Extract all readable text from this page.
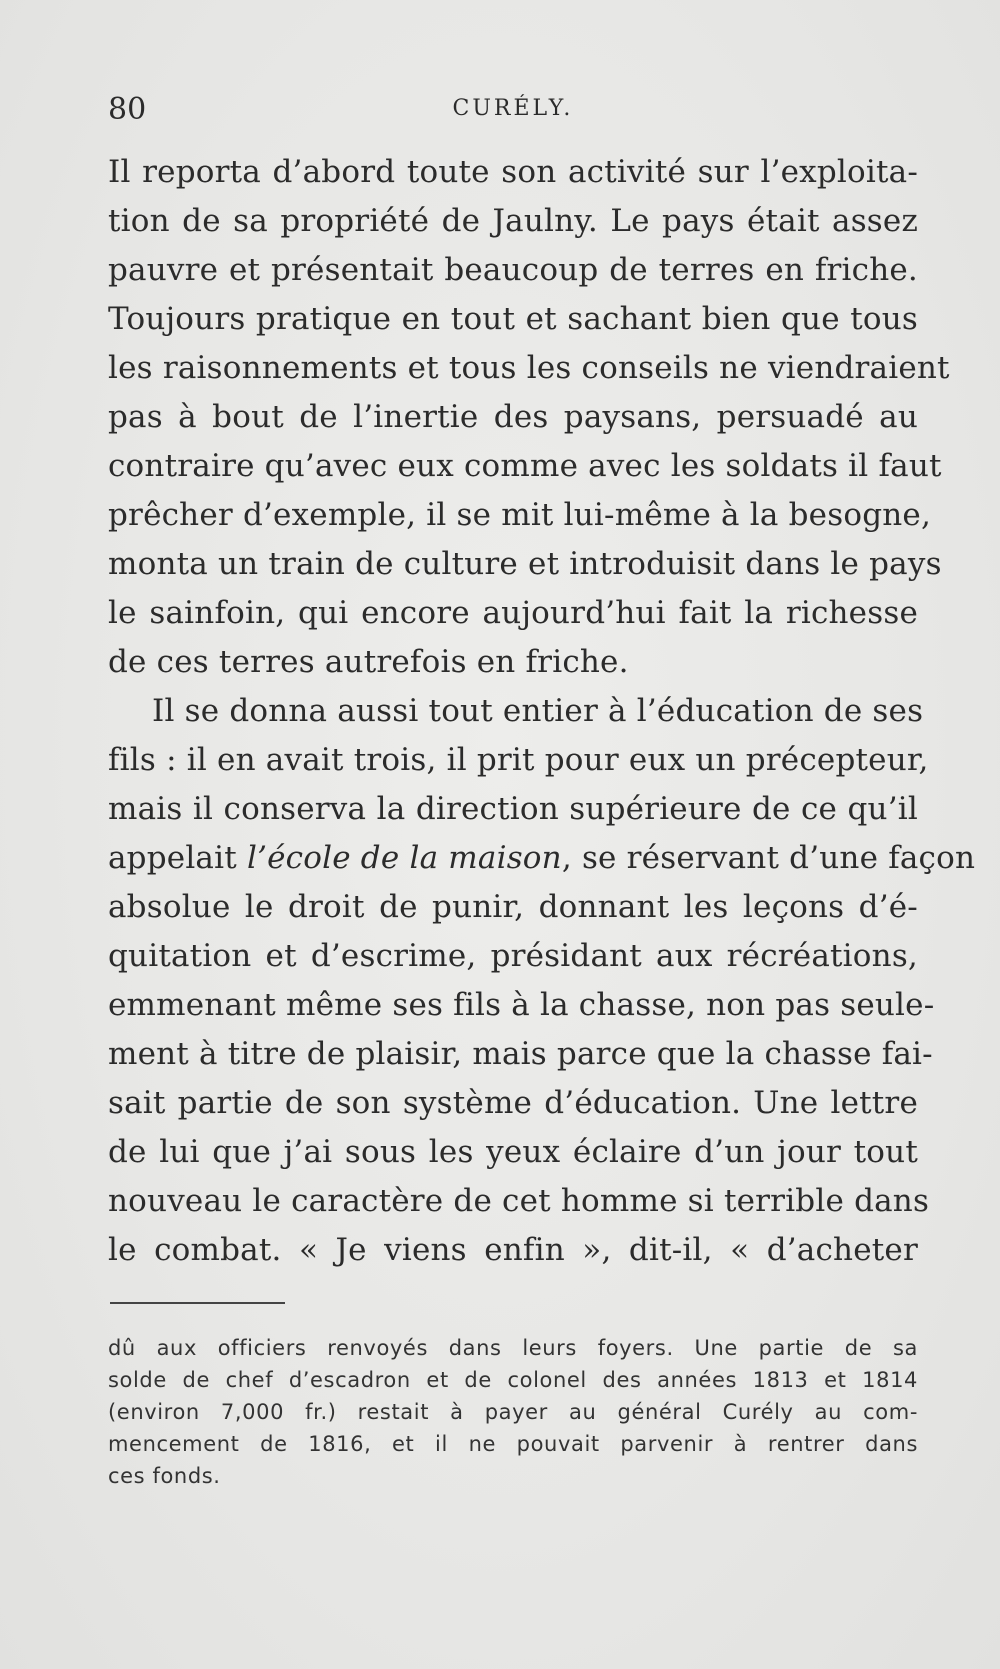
80	CURÉLY.
Il reporta d’abord toute son activité sur l’exploita-
tion de sa propriété de Jaulny. Le pays était assez
pauvre et présentait beaucoup de terres en friche.
Toujours pratique en tout et sachant bien que tous
les raisonnements et tous les conseils ne viendraient
pas à bout de l’inertie des paysans, persuadé au
contraire qu’avec eux comme avec les soldats il faut
prêcher d’exemple, il se mit lui-même à la besogne,
monta un train de culture et introduisit dans le pays
le sainfoin, qui encore aujourd’hui fait la richesse
de ces terres autrefois en friche.
Il se donna aussi tout entier à l’éducation de ses
fils : il en avait trois, il prit pour eux un précepteur,
mais il conserva la direction supérieure de ce qu’il
appelait l’école de la maison, se réservant d’une façon
absolue le droit de punir, donnant les leçons d’é-
quitation et d’escrime, présidant aux récréations,
emmenant même ses fils à la chasse, non pas seule-
ment à titre de plaisir, mais parce que la chasse fai-
sait partie de son système d’éducation. Une lettre
de lui que j’ai sous les yeux éclaire d’un jour tout
nouveau le caractère de cet homme si terrible dans
le combat. « Je viens enfin », dit-il, « d’acheter
dû aux officiers renvoyés dans leurs foyers. Une partie de sa
solde de chef d’escadron et de colonel des années 1813 et 1814
(environ 7,000 fr.) restait à payer au général Curély au com-
mencement de 1816, et il ne pouvait parvenir à rentrer dans
ces fonds.
